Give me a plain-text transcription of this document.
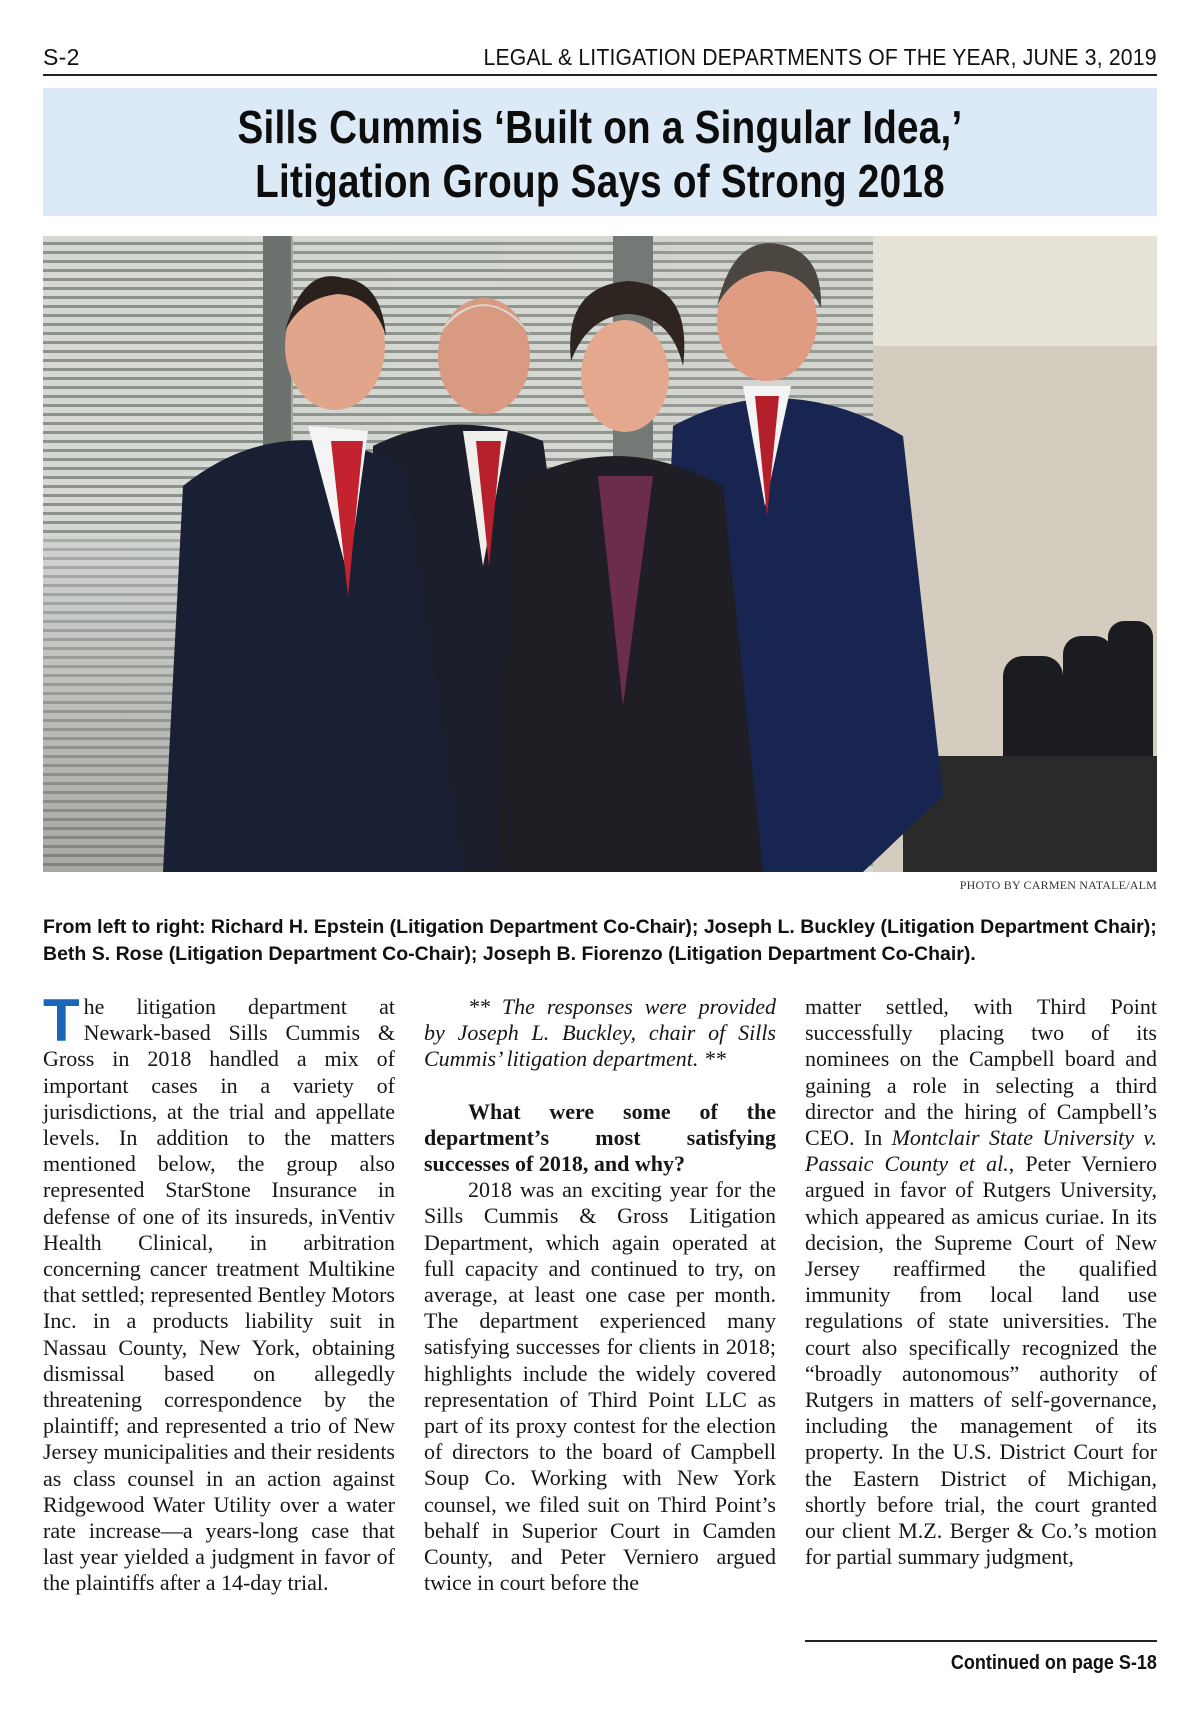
S-2	LEGAL & LITIGATION DEPARTMENTS OF THE YEAR, JUNE 3, 2019
Sills Cummis ‘Built on a Singular Idea,’
Litigation Group Says of Strong 2018
PHOTO BY CARMEN NATALE/ALM
From left to right: Richard H. Epstein (Litigation Department Co-Chair); Joseph L. Buckley (Litigation Department Chair); Beth S. Rose (Litigation Department Co-Chair); Joseph B. Fiorenzo (Litigation Department Co-Chair).

The litigation department at Newark-based Sills Cummis & Gross in 2018 handled a mix of important cases in a variety of jurisdictions, at the trial and appellate levels. In addition to the matters mentioned below, the group also represented StarStone Insurance in defense of one of its insureds, inVentiv Health Clinical, in arbitration concerning cancer treatment Multikine that settled; represented Bentley Motors Inc. in a products liability suit in Nassau County, New York, obtaining dismissal based on allegedly threatening correspondence by the plaintiff; and represented a trio of New Jersey municipalities and their residents as class counsel in an action against Ridgewood Water Utility over a water rate increase—a years-long case that last year yielded a judgment in favor of the plaintiffs after a 14-day trial.

** The responses were provided by Joseph L. Buckley, chair of Sills Cummis’ litigation department. **

What were some of the department’s most satisfying successes of 2018, and why?

2018 was an exciting year for the Sills Cummis & Gross Litigation Department, which again operated at full capacity and continued to try, on average, at least one case per month. The department experienced many satisfying successes for clients in 2018; highlights include the widely covered representation of Third Point LLC as part of its proxy contest for the election of directors to the board of Campbell Soup Co. Working with New York counsel, we filed suit on Third Point’s behalf in Superior Court in Camden County, and Peter Verniero argued twice in court before the

matter settled, with Third Point successfully placing two of its nominees on the Campbell board and gaining a role in selecting a third director and the hiring of Campbell’s CEO. In Montclair State University v. Passaic County et al., Peter Verniero argued in favor of Rutgers University, which appeared as amicus curiae. In its decision, the Supreme Court of New Jersey reaffirmed the qualified immunity from local land use regulations of state universities. The court also specifically recognized the “broadly autonomous” authority of Rutgers in matters of self-governance, including the management of its property. In the U.S. District Court for the Eastern District of Michigan, shortly before trial, the court granted our client M.Z. Berger & Co.’s motion for partial summary judgment,

Continued on page S-18
